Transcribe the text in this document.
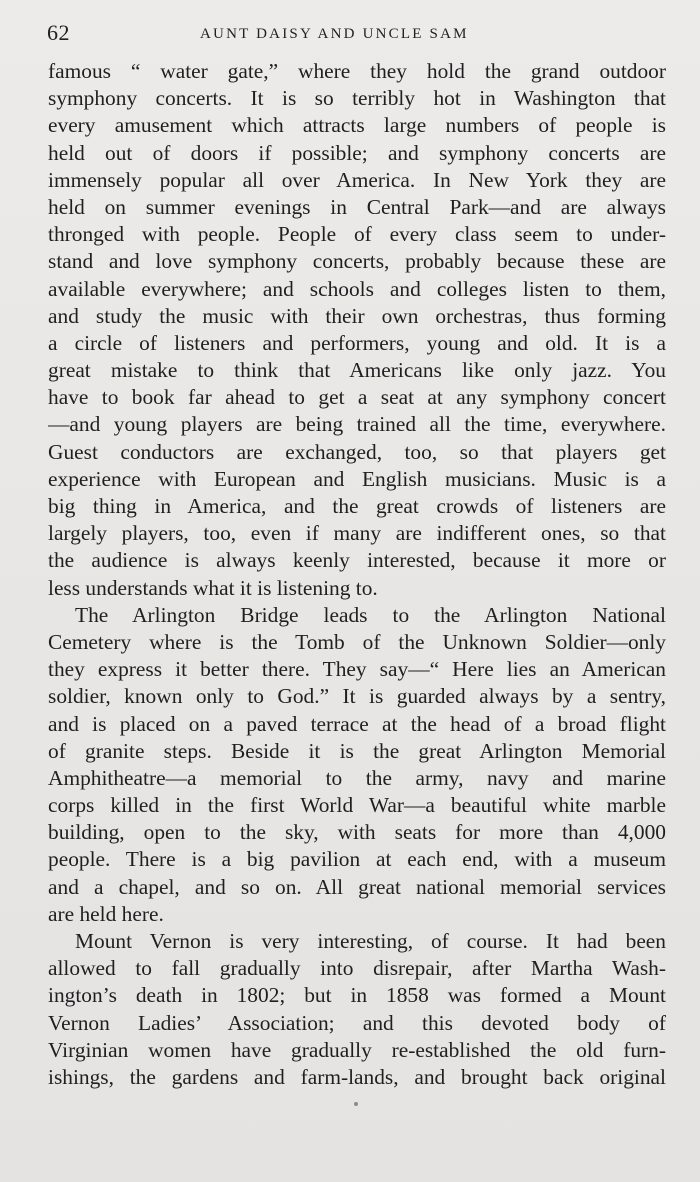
62	AUNT DAISY AND UNCLE SAM
famous “ water gate,” where they hold the grand outdoor
symphony concerts. It is so terribly hot in Washington that
every amusement which attracts large numbers of people is
held out of doors if possible; and symphony concerts are
immensely popular all over America. In New York they are
held on summer evenings in Central Park—and are always
thronged with people. People of every class seem to under-
stand and love symphony concerts, probably because these are
available everywhere; and schools and colleges listen to them,
and study the music with their own orchestras, thus forming
a circle of listeners and performers, young and old. It is a
great mistake to think that Americans like only jazz. You
have to book far ahead to get a seat at any symphony concert
—and young players are being trained all the time, everywhere.
Guest conductors are exchanged, too, so that players get
experience with European and English musicians. Music is a
big thing in America, and the great crowds of listeners are
largely players, too, even if many are indifferent ones, so that
the audience is always keenly interested, because it more or
less understands what it is listening to.
The Arlington Bridge leads to the Arlington National
Cemetery where is the Tomb of the Unknown Soldier—only
they express it better there. They say—“ Here lies an American
soldier, known only to God.” It is guarded always by a sentry,
and is placed on a paved terrace at the head of a broad flight
of granite steps. Beside it is the great Arlington Memorial
Amphitheatre—a memorial to the army, navy and marine
corps killed in the first World War—a beautiful white marble
building, open to the sky, with seats for more than 4,000
people. There is a big pavilion at each end, with a museum
and a chapel, and so on. All great national memorial services
are held here.
Mount Vernon is very interesting, of course. It had been
allowed to fall gradually into disrepair, after Martha Wash-
ington’s death in 1802; but in 1858 was formed a Mount
Vernon Ladies’ Association; and this devoted body of
Virginian women have gradually re-established the old furn-
ishings, the gardens and farm-lands, and brought back original
